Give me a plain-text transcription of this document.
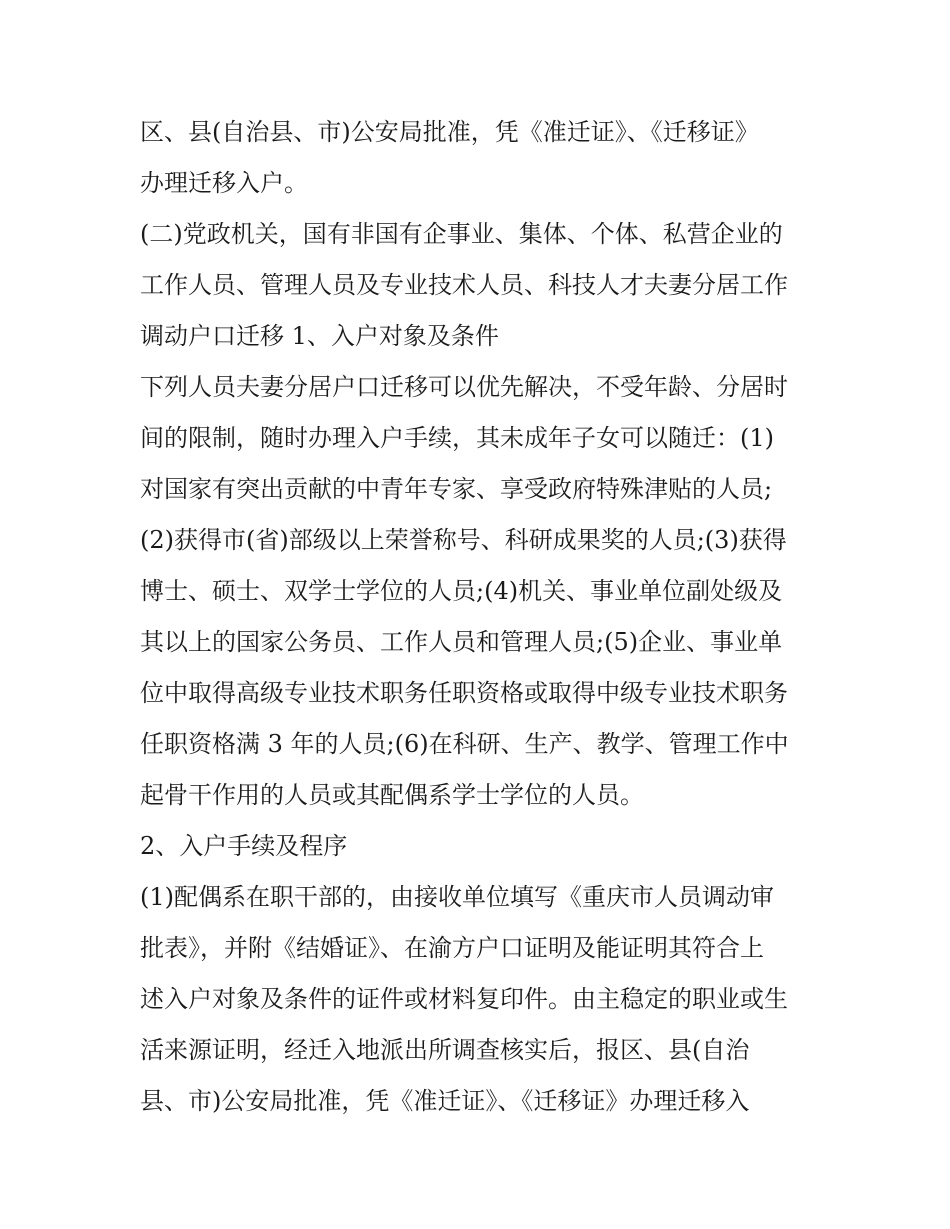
区、县(自治县、市)公安局批准，凭《准迁证》、《迁移证》
办理迁移入户。
(二)党政机关，国有非国有企事业、集体、个体、私营企业的
工作人员、管理人员及专业技术人员、科技人才夫妻分居工作
调动户口迁移 1、入户对象及条件
下列人员夫妻分居户口迁移可以优先解决，不受年龄、分居时
间的限制，随时办理入户手续，其未成年子女可以随迁：(1)
对国家有突出贡献的中青年专家、享受政府特殊津贴的人员;
(2)获得市(省)部级以上荣誉称号、科研成果奖的人员;(3)获得
博士、硕士、双学士学位的人员;(4)机关、事业单位副处级及
其以上的国家公务员、工作人员和管理人员;(5)企业、事业单
位中取得高级专业技术职务任职资格或取得中级专业技术职务
任职资格满 3 年的人员;(6)在科研、生产、教学、管理工作中
起骨干作用的人员或其配偶系学士学位的人员。
2、入户手续及程序
(1)配偶系在职干部的，由接收单位填写《重庆市人员调动审
批表》，并附《结婚证》、在渝方户口证明及能证明其符合上
述入户对象及条件的证件或材料复印件。由主稳定的职业或生
活来源证明，经迁入地派出所调查核实后，报区、县(自治
县、市)公安局批准，凭《准迁证》、《迁移证》办理迁移入
